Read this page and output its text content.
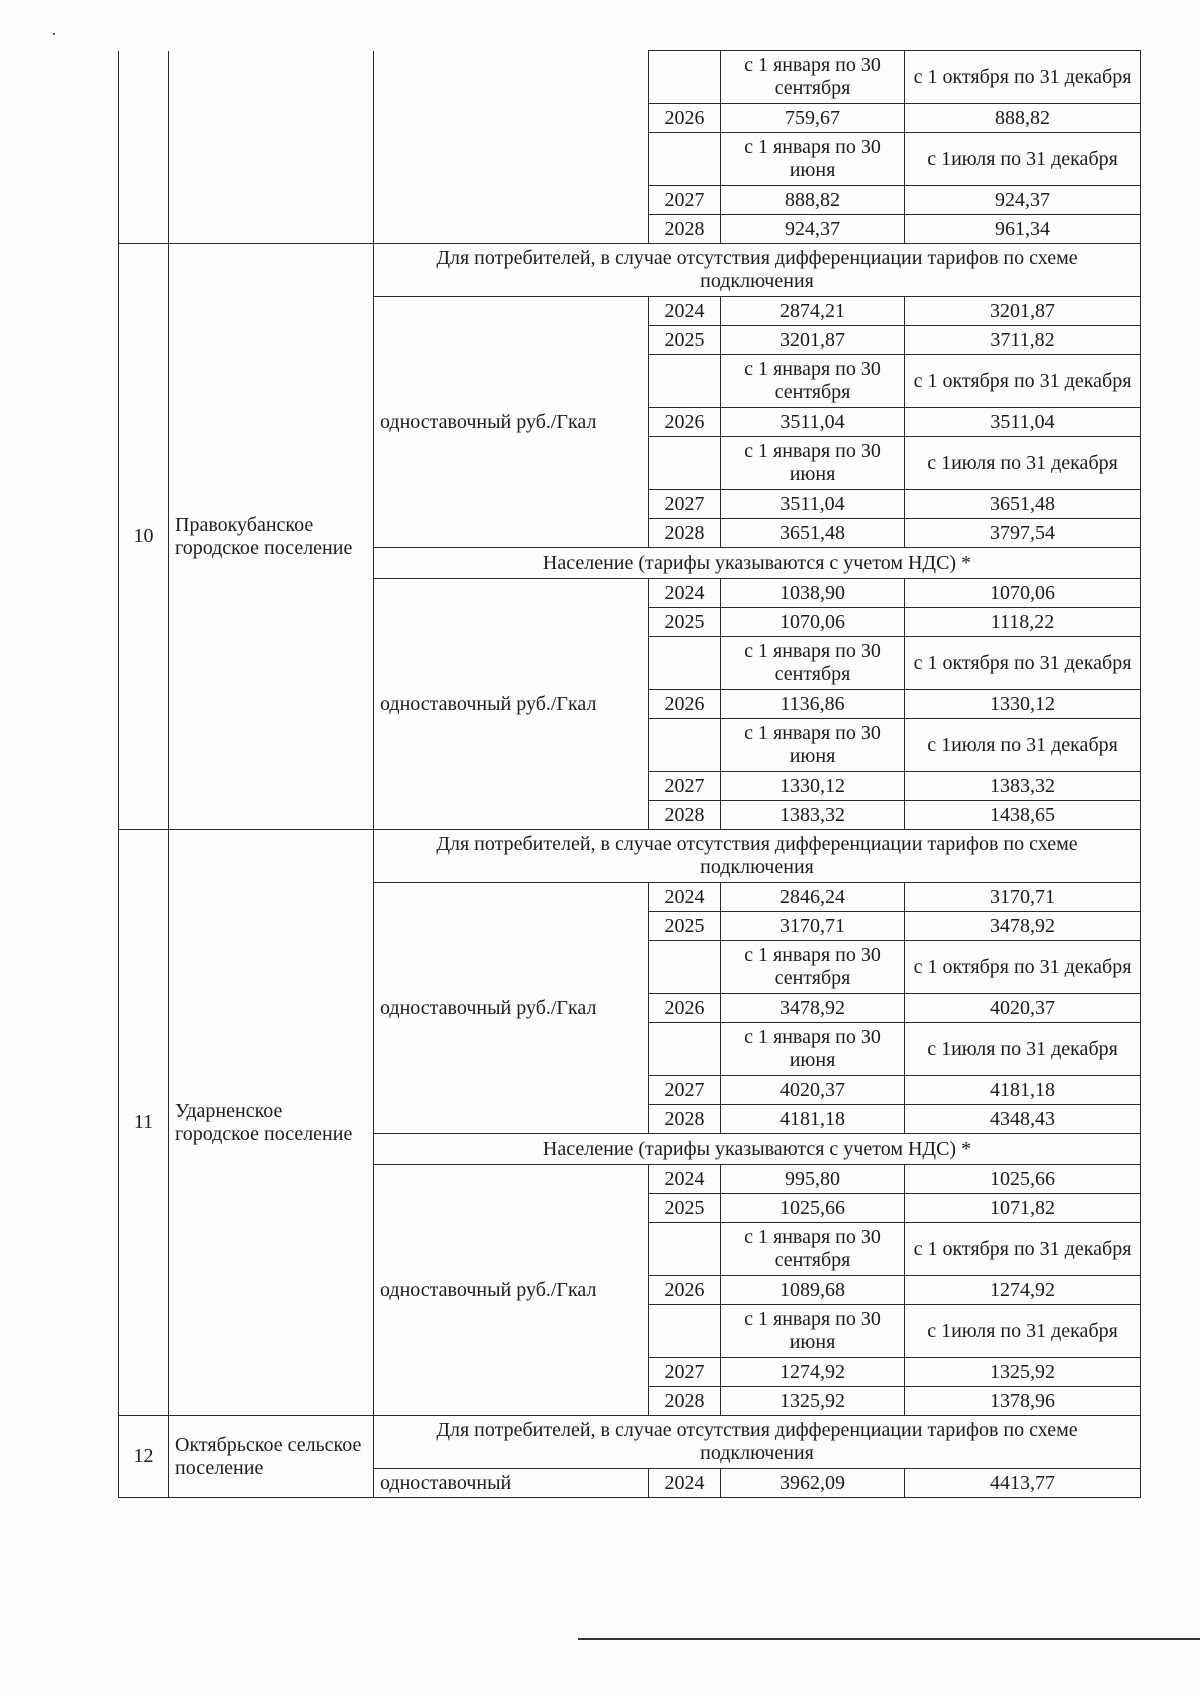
				с 1 января по 30 сентября	с 1 октября по 31 декабря
			2026	759,67	888,82
				с 1 января по 30 июня	с 1июля по 31 декабря
			2027	888,82	924,37
			2028	924,37	961,34
10	Правокубанское городское поселение	Для потребителей, в случае отсутствия дифференциации тарифов по схеме подключения			
		одноставочный руб./Гкал	2024	2874,21	3201,87
			2025	3201,87	3711,82
				с 1 января по 30 сентября	с 1 октября по 31 декабря
			2026	3511,04	3511,04
				с 1 января по 30 июня	с 1июля по 31 декабря
			2027	3511,04	3651,48
			2028	3651,48	3797,54
		Население (тарифы указываются с учетом НДС) *			
		одноставочный руб./Гкал	2024	1038,90	1070,06
			2025	1070,06	1118,22
				с 1 января по 30 сентября	с 1 октября по 31 декабря
			2026	1136,86	1330,12
				с 1 января по 30 июня	с 1июля по 31 декабря
			2027	1330,12	1383,32
			2028	1383,32	1438,65
11	Ударненское городское поселение	Для потребителей, в случае отсутствия дифференциации тарифов по схеме подключения			
		одноставочный руб./Гкал	2024	2846,24	3170,71
			2025	3170,71	3478,92
				с 1 января по 30 сентября	с 1 октября по 31 декабря
			2026	3478,92	4020,37
				с 1 января по 30 июня	с 1июля по 31 декабря
			2027	4020,37	4181,18
			2028	4181,18	4348,43
		Население (тарифы указываются с учетом НДС) *			
		одноставочный руб./Гкал	2024	995,80	1025,66
			2025	1025,66	1071,82
				с 1 января по 30 сентября	с 1 октября по 31 декабря
			2026	1089,68	1274,92
				с 1 января по 30 июня	с 1июля по 31 декабря
			2027	1274,92	1325,92
			2028	1325,92	1378,96
12	Октябрьское сельское поселение	Для потребителей, в случае отсутствия дифференциации тарифов по схеме подключения			
		одноставочный	2024	3962,09	4413,77
